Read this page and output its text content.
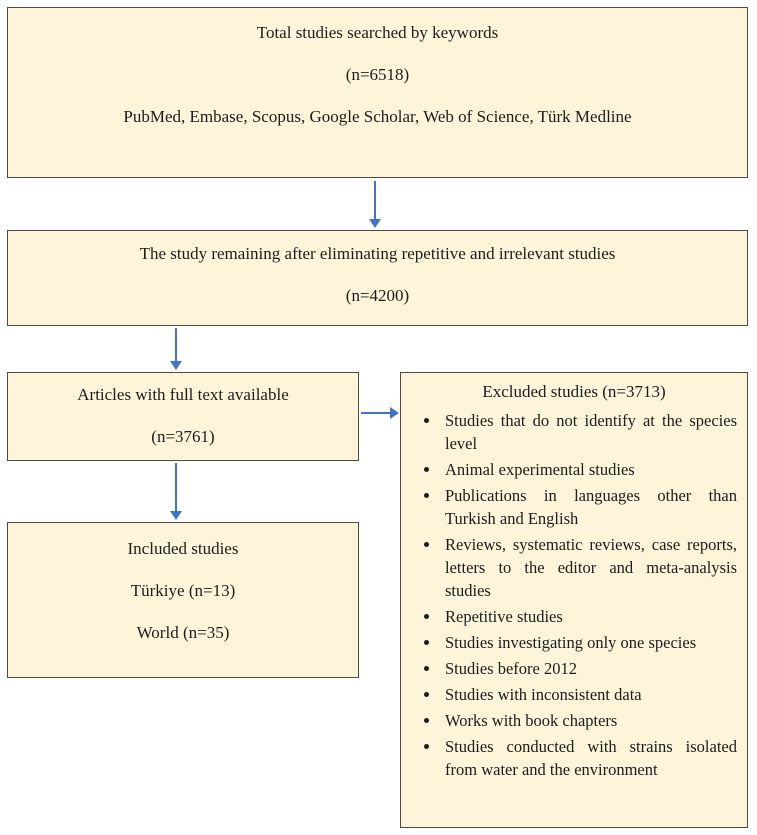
Total studies searched by keywords
(n=6518)
PubMed, Embase, Scopus, Google Scholar, Web of Science, Türk Medline
The study remaining after eliminating repetitive and irrelevant studies
(n=4200)
Articles with full text available
(n=3761)
Included studies
Türkiye (n=13)
World (n=35)
Excluded studies (n=3713)
• Studies that do not identify at the species level
• Animal experimental studies
• Publications in languages other than Turkish and English
• Reviews, systematic reviews, case reports, letters to the editor and meta-analysis studies
• Repetitive studies
• Studies investigating only one species
• Studies before 2012
• Studies with inconsistent data
• Works with book chapters
• Studies conducted with strains isolated from water and the environment
